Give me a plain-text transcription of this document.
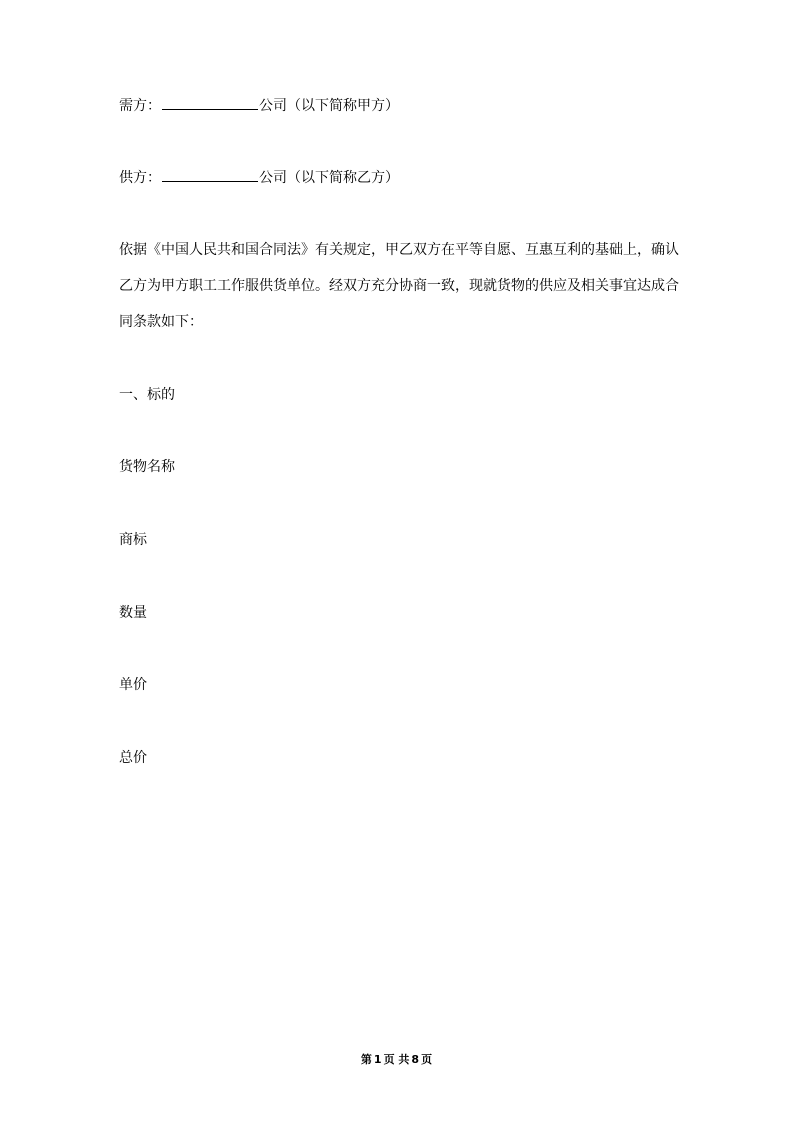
需方：	公司（以下简称甲方）
供方：	公司（以下简称乙方）
依据《中国人民共和国合同法》有关规定，甲乙双方在平等自愿、互惠互利的基础上，确认
乙方为甲方职工工作服供货单位。经双方充分协商一致，现就货物的供应及相关事宜达成合
同条款如下：
一、标的
货物名称
商标
数量
单价
总价
第 1 页 共 8 页
